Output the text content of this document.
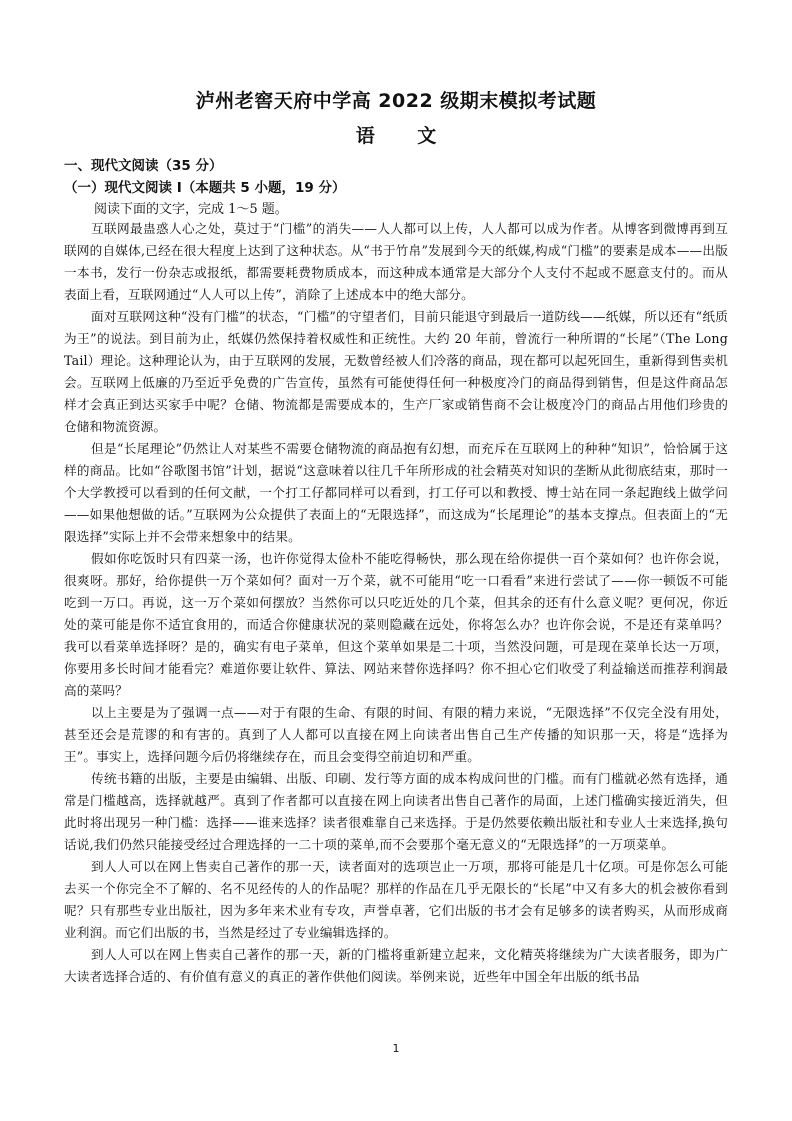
泸州老窖天府中学高 2022 级期末模拟考试题
语 文
一、现代文阅读（35 分）
（一）现代文阅读 I（本题共 5 小题，19 分）
阅读下面的文字，完成 1～5 题。

互联网最蛊惑人心之处，莫过于“门槛”的消失——人人都可以上传，人人都可以成为作者。从博客到微博再到互联网的自媒体,已经在很大程度上达到了这种状态。从“书于竹帛”发展到今天的纸媒,构成“门槛”的要素是成本——出版一本书，发行一份杂志或报纸，都需要耗费物质成本，而这种成本通常是大部分个人支付不起或不愿意支付的。而从表面上看，互联网通过“人人可以上传”，消除了上述成本中的绝大部分。

面对互联网这种“没有门槛”的状态，“门槛”的守望者们，目前只能退守到最后一道防线——纸媒，所以还有“纸质为王”的说法。到目前为止，纸媒仍然保持着权威性和正统性。大约 20 年前，曾流行一种所谓的“长尾”（The Long Tail）理论。这种理论认为，由于互联网的发展，无数曾经被人们冷落的商品，现在都可以起死回生，重新得到售卖机会。互联网上低廉的乃至近乎免费的广告宣传，虽然有可能使得任何一种极度冷门的商品得到销售，但是这件商品怎样才会真正到达买家手中呢？仓储、物流都是需要成本的，生产厂家或销售商不会让极度冷门的商品占用他们珍贵的仓储和物流资源。

但是“长尾理论”仍然让人对某些不需要仓储物流的商品抱有幻想，而充斥在互联网上的种种“知识”，恰恰属于这样的商品。比如“谷歌图书馆”计划，据说“这意味着以往几千年所形成的社会精英对知识的垄断从此彻底结束，那时一个大学教授可以看到的任何文献，一个打工仔都同样可以看到，打工仔可以和教授、博士站在同一条起跑线上做学问——如果他想做的话。”互联网为公众提供了表面上的“无限选择”，而这成为“长尾理论”的基本支撑点。但表面上的“无限选择”实际上并不会带来想象中的结果。

假如你吃饭时只有四菜一汤，也许你觉得太俭朴不能吃得畅快，那么现在给你提供一百个菜如何？也许你会说，很爽呀。那好，给你提供一万个菜如何？面对一万个菜，就不可能用“吃一口看看”来进行尝试了——你一顿饭不可能吃到一万口。再说，这一万个菜如何摆放？当然你可以只吃近处的几个菜，但其余的还有什么意义呢？更何况，你近处的菜可能是你不适宜食用的，而适合你健康状况的菜则隐藏在远处，你将怎么办？也许你会说，不是还有菜单吗？我可以看菜单选择呀？是的，确实有电子菜单，但这个菜单如果是二十项，当然没问题，可是现在菜单长达一万项，你要用多长时间才能看完？难道你要让软件、算法、网站来替你选择吗？你不担心它们收受了利益输送而推荐利润最高的菜吗？

以上主要是为了强调一点——对于有限的生命、有限的时间、有限的精力来说，“无限选择”不仅完全没有用处，甚至还会是荒谬的和有害的。真到了人人都可以直接在网上向读者出售自己生产传播的知识那一天，将是“选择为王”。事实上，选择问题今后仍将继续存在，而且会变得空前迫切和严重。

传统书籍的出版，主要是由编辑、出版、印刷、发行等方面的成本构成问世的门槛。而有门槛就必然有选择，通常是门槛越高，选择就越严。真到了作者都可以直接在网上向读者出售自己著作的局面，上述门槛确实接近消失，但此时将出现另一种门槛：选择——谁来选择？读者很难靠自己来选择。于是仍然要依赖出版社和专业人士来选择,换句话说,我们仍然只能接受经过合理选择的一二十项的菜单,而不会要那个毫无意义的“无限选择”的一万项菜单。

到人人可以在网上售卖自己著作的那一天，读者面对的选项岂止一万项，那将可能是几十亿项。可是你怎么可能去买一个你完全不了解的、名不见经传的人的作品呢？那样的作品在几乎无限长的“长尾”中又有多大的机会被你看到呢？只有那些专业出版社，因为多年来术业有专攻，声誉卓著，它们出版的书才会有足够多的读者购买，从而形成商业利润。而它们出版的书，当然是经过了专业编辑选择的。

到人人可以在网上售卖自己著作的那一天，新的门槛将重新建立起来，文化精英将继续为广大读者服务，即为广大读者选择合适的、有价值有意义的真正的著作供他们阅读。举例来说，近些年中国全年出版的纸书品

1
